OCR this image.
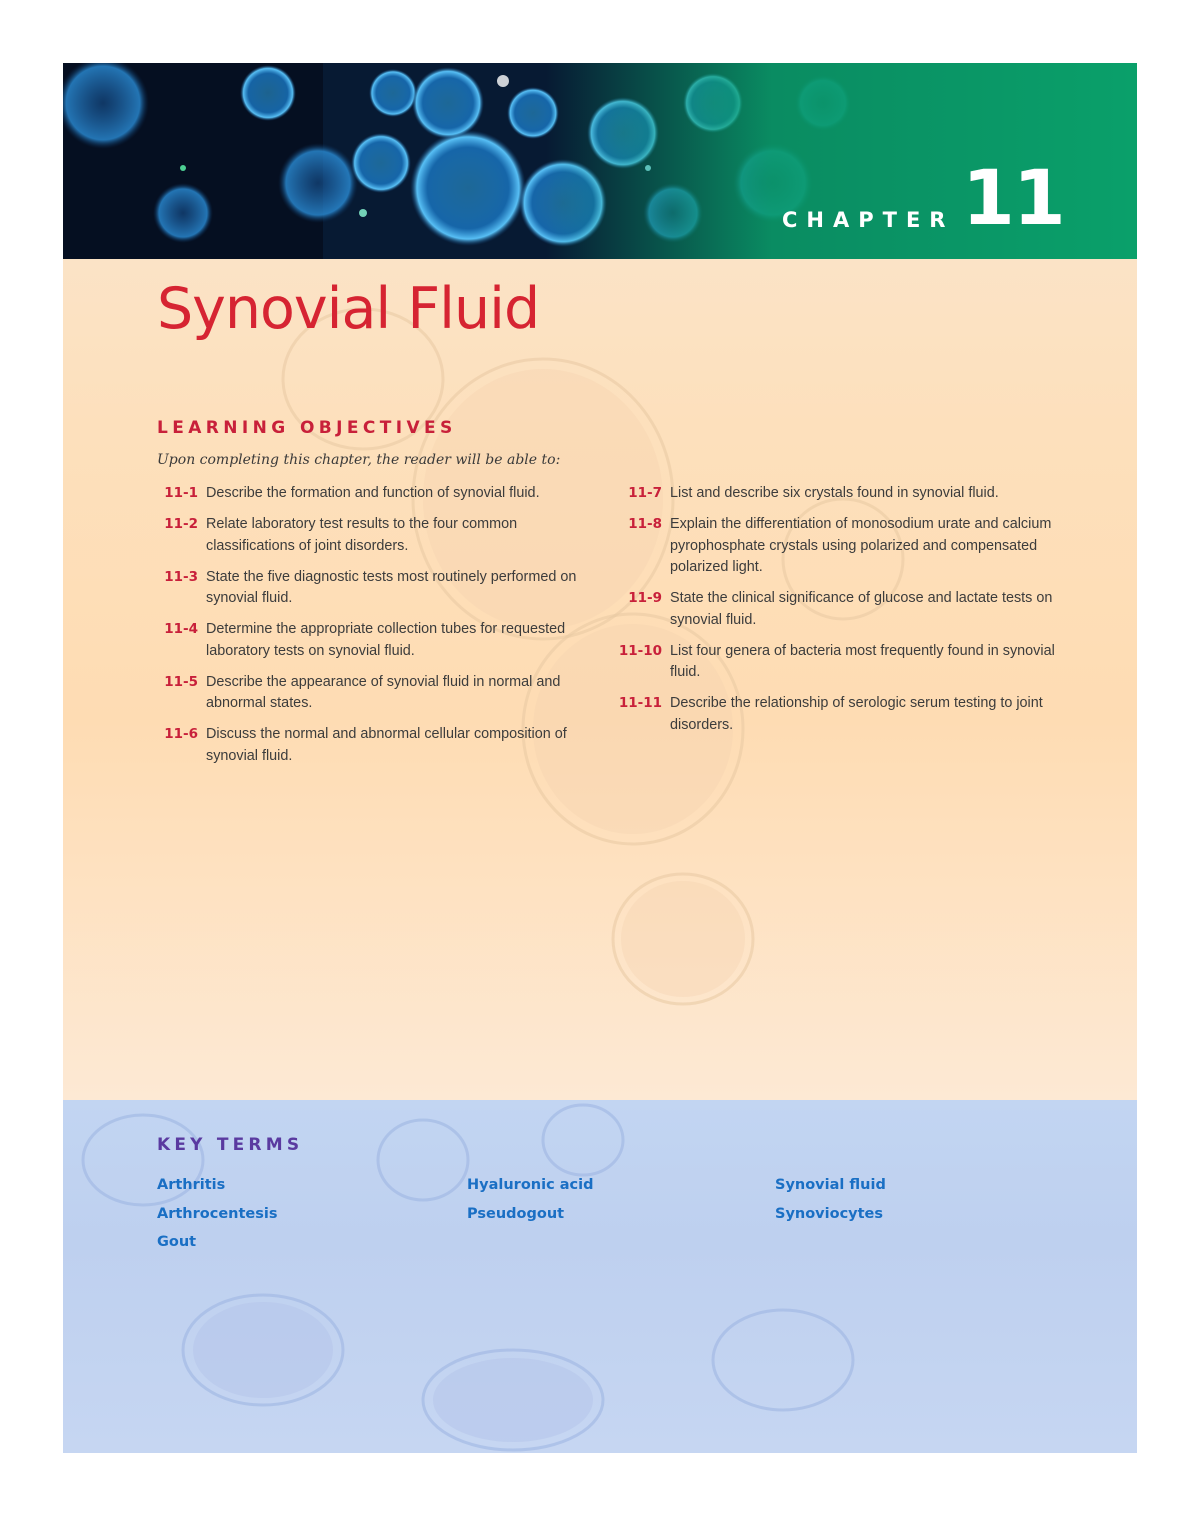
CHAPTER 11
Synovial Fluid
LEARNING OBJECTIVES
Upon completing this chapter, the reader will be able to:
11-1 Describe the formation and function of synovial fluid.
11-2 Relate laboratory test results to the four common classifications of joint disorders.
11-3 State the five diagnostic tests most routinely performed on synovial fluid.
11-4 Determine the appropriate collection tubes for requested laboratory tests on synovial fluid.
11-5 Describe the appearance of synovial fluid in normal and abnormal states.
11-6 Discuss the normal and abnormal cellular composition of synovial fluid.
11-7 List and describe six crystals found in synovial fluid.
11-8 Explain the differentiation of monosodium urate and calcium pyrophosphate crystals using polarized and compensated polarized light.
11-9 State the clinical significance of glucose and lactate tests on synovial fluid.
11-10 List four genera of bacteria most frequently found in synovial fluid.
11-11 Describe the relationship of serologic serum testing to joint disorders.
KEY TERMS
Arthritis
Arthrocentesis
Gout
Hyaluronic acid
Pseudogout
Synovial fluid
Synoviocytes
